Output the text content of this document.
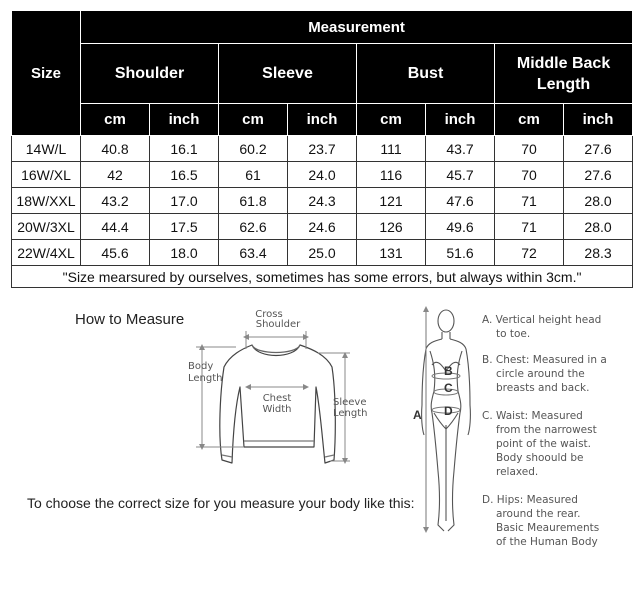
Size	Measurement							
	Shoulder		Sleeve		Bust		Middle Back Length	
	cm	inch	cm	inch	cm	inch	cm	inch
14W/L	40.8	16.1	60.2	23.7	111	43.7	70	27.6
16W/XL	42	16.5	61	24.0	116	45.7	70	27.6
18W/XXL	43.2	17.0	61.8	24.3	121	47.6	71	28.0
20W/3XL	44.4	17.5	62.6	24.6	126	49.6	71	28.0
22W/4XL	45.6	18.0	63.4	25.0	131	51.6	72	28.3
"Size mearsured by ourselves, sometimes has some errors, but always within 3cm."								
How to Measure	Cross
Shoulder
Body
Length
Chest
Width
Sleeve
Length	A
B
C
D
To choose the correct size for you measure your body like this:
A. Vertical height head
to toe.
B. Chest: Measured in a
circle around the
breasts and back.
C. Waist: Measured
from the narrowest
point of the waist.
Body shoould be
relaxed.
D. Hips: Measured
around the rear.
Basic Meaurements
of the Human Body
